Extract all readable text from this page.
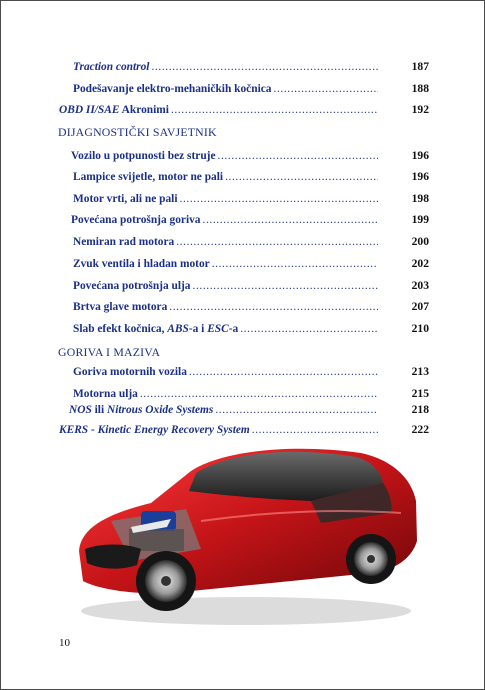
Traction control .....	187
Podešavanje elektro-mehaničkih kočnica .....	188
OBD II/SAE Akronimi .....	192
Vozilo u potpunosti bez struje .....	196
Lampice svijetle, motor ne pali .....	196
Motor vrti, ali ne pali .....	198
Povećana potrošnja goriva .....	199
Nemiran rad motora .....	200
Zvuk ventila i hladan motor .....	202
Povećana potrošnja ulja .....	203
Brtva glave motora .....	207
Slab efekt kočnica, ABS-a i ESC-a .....	210
Goriva motornih vozila .....	213
Motorna ulja .....	215
NOS ili Nitrous Oxide Systems .....	218
KERS - Kinetic Energy Recovery System .....	222
DIJAGNOSTIČKI SAVJETNIK
GORIVA I MAZIVA
10
